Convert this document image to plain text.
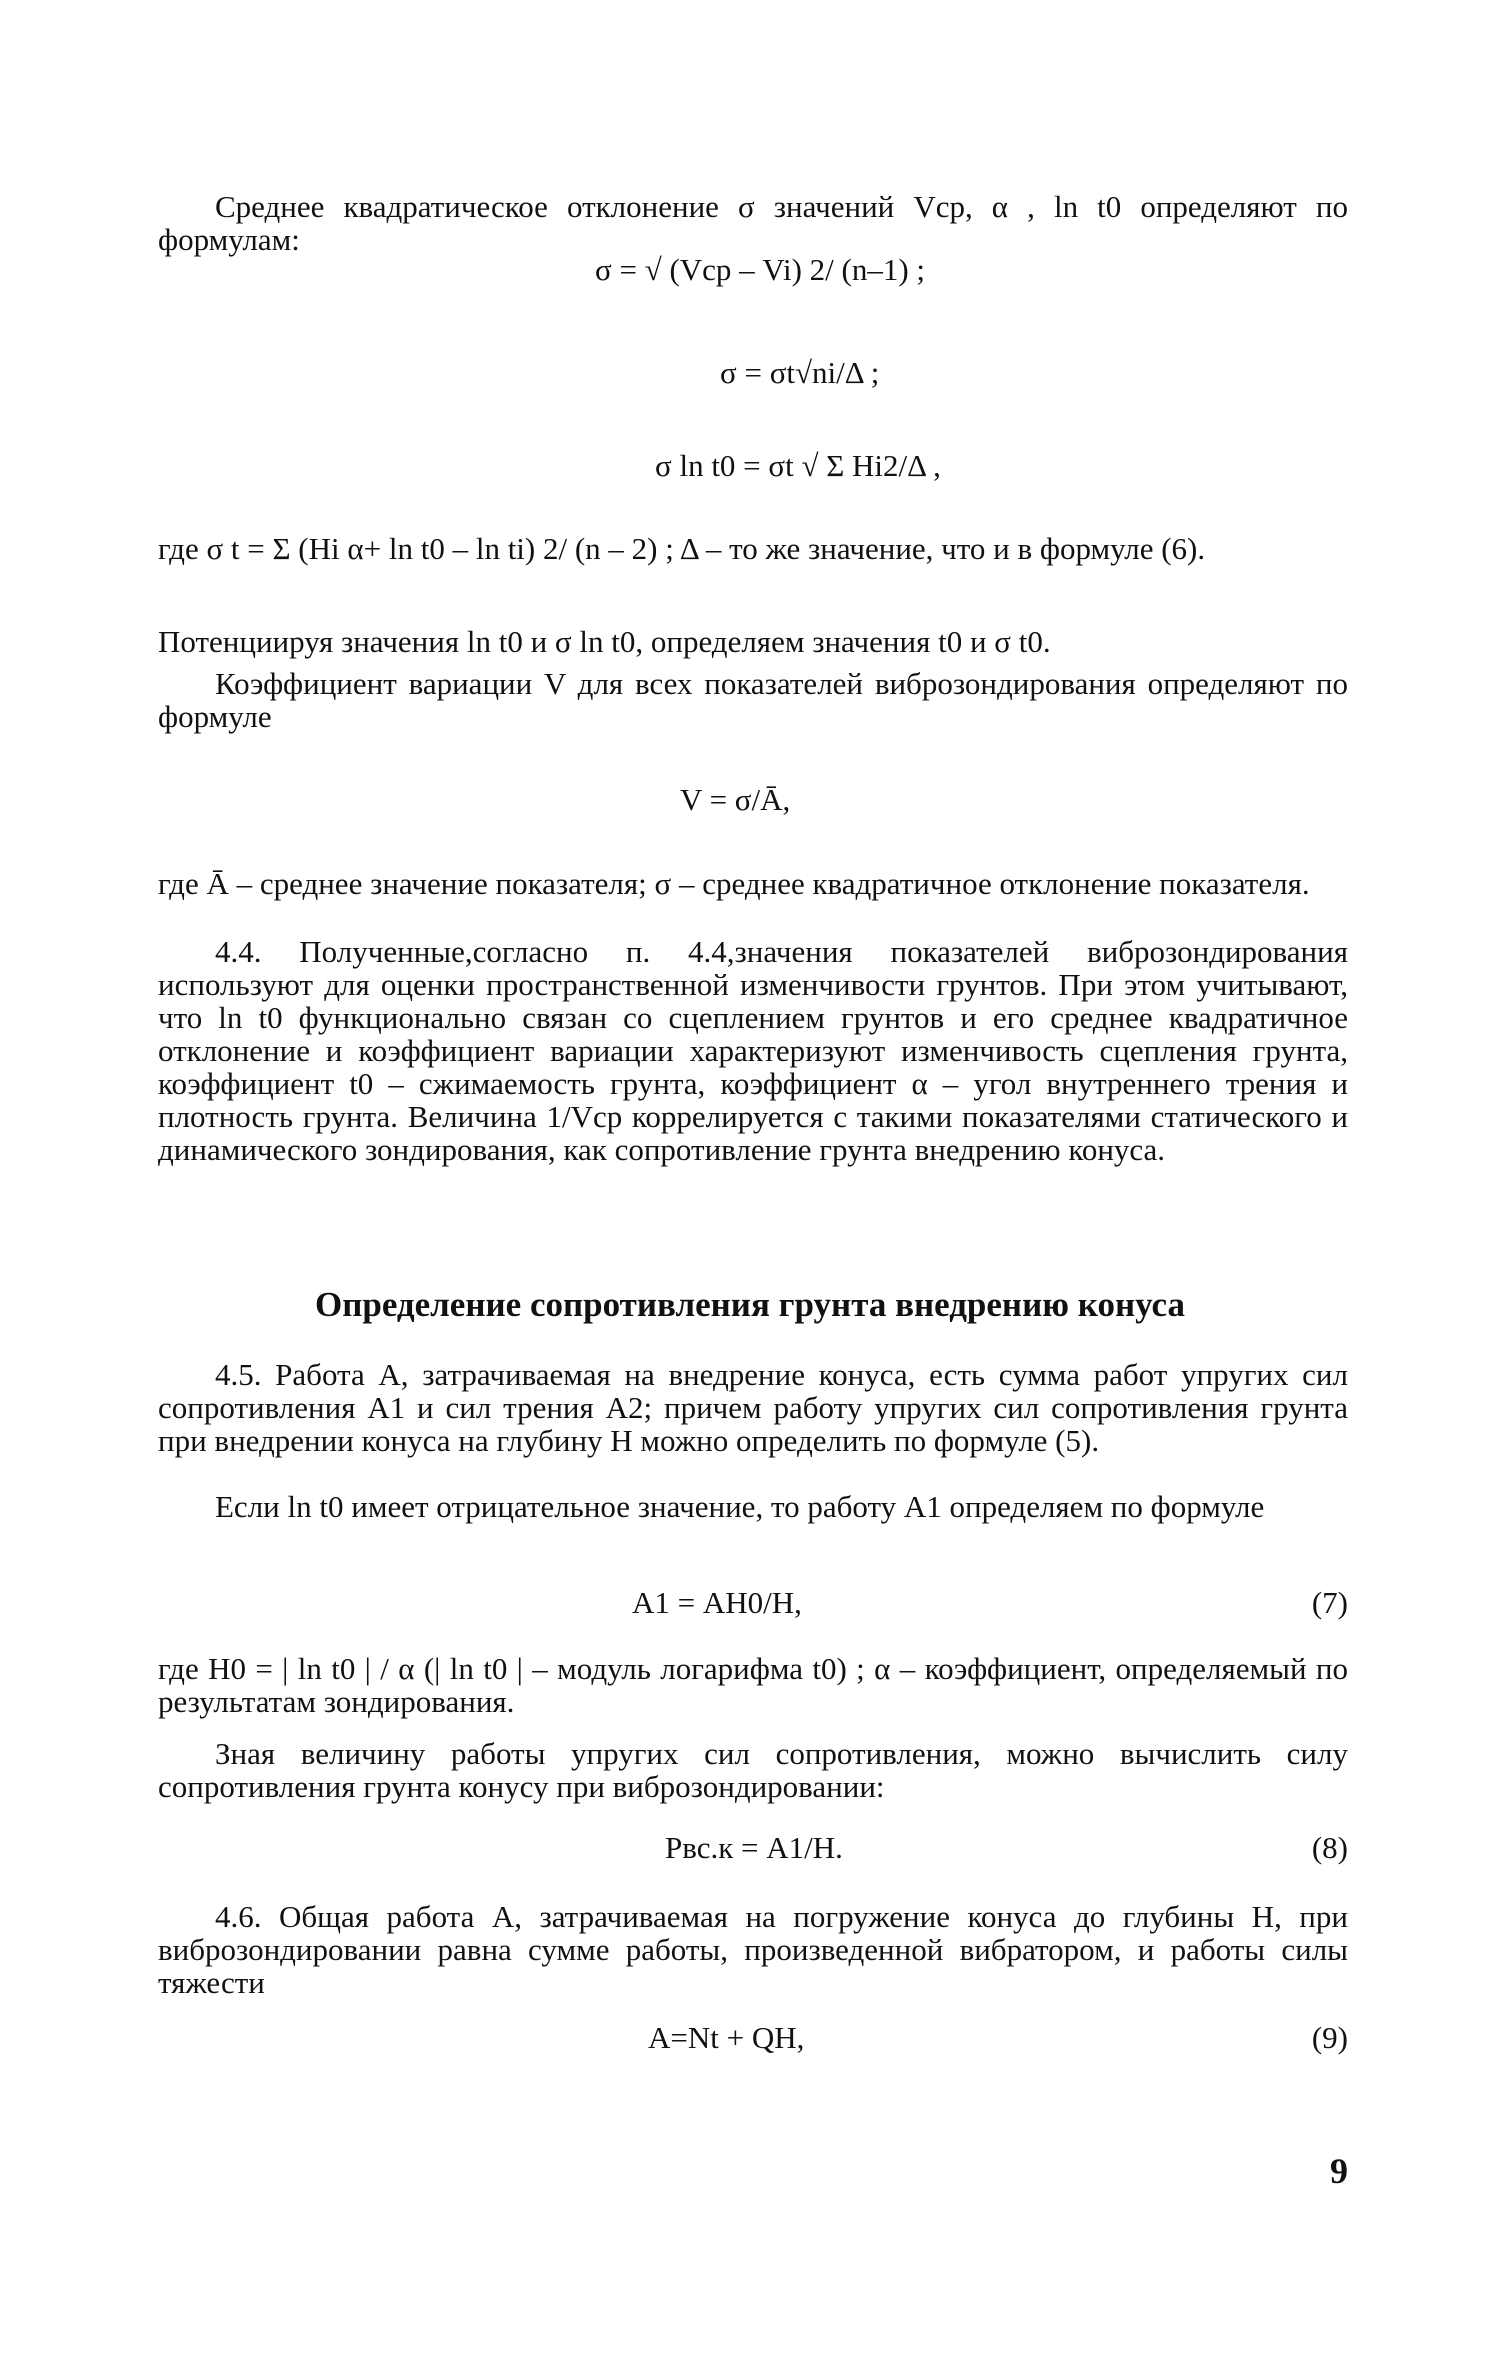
Среднее квадратическое отклонение σ значений Vср, α , ln t0 определяют по формулам:
σ = √ (Vср – Vi) 2/ (n–1) ;
σ = σt√ni/Δ ;
σ ln t0 = σt √ Σ Hi2/Δ ,
где σ t = Σ (Hi α+ ln t0 – ln ti) 2/ (n – 2) ; Δ – то же значение, что и в формуле (6).
Потенциируя значения ln t0 и σ ln t0, определяем значения t0 и σ t0.
Коэффициент вариации V для всех показателей виброзондирования определяют по формуле
V = σ/Ā,
где Ā – среднее значение показателя; σ – среднее квадратичное отклонение показателя.
4.4. Полученные,согласно п. 4.4,значения показателей виброзондирования используют для оценки пространственной изменчивости грунтов. При этом учитывают, что ln t0 функционально связан со сцеплением грунтов и его среднее квадратичное отклонение и коэффициент вариации характеризуют изменчивость сцепления грунта, коэффициент t0 – сжимаемость грунта, коэффициент α – угол внутреннего трения и плотность грунта. Величина 1/Vср коррелируется с такими показателями статического и динамического зондирования, как сопротивление грунта внедрению конуса.
Определение сопротивления грунта внедрению конуса
4.5. Работа А, затрачиваемая на внедрение конуса, есть сумма работ упругих сил сопротивления А1 и сил трения А2; причем работу упругих сил сопротивления грунта при внедрении конуса на глубину H можно определить по формуле (5).
Если ln t0 имеет отрицательное значение, то работу А1 определяем по формуле
А1 = АH0/H,	(7)
где H0 = | ln t0 | / α (| ln t0 | – модуль логарифма t0) ; α – коэффициент, определяемый по результатам зондирования.
Зная величину работы упругих сил сопротивления, можно вычислить силу сопротивления грунта конусу при виброзондировании:
Pвс.к = А1/H.	(8)
4.6. Общая работа А, затрачиваемая на погружение конуса до глубины H, при виброзондировании равна сумме работы, произведенной вибратором, и работы силы тяжести
А=Nt + QH,	(9)
9
